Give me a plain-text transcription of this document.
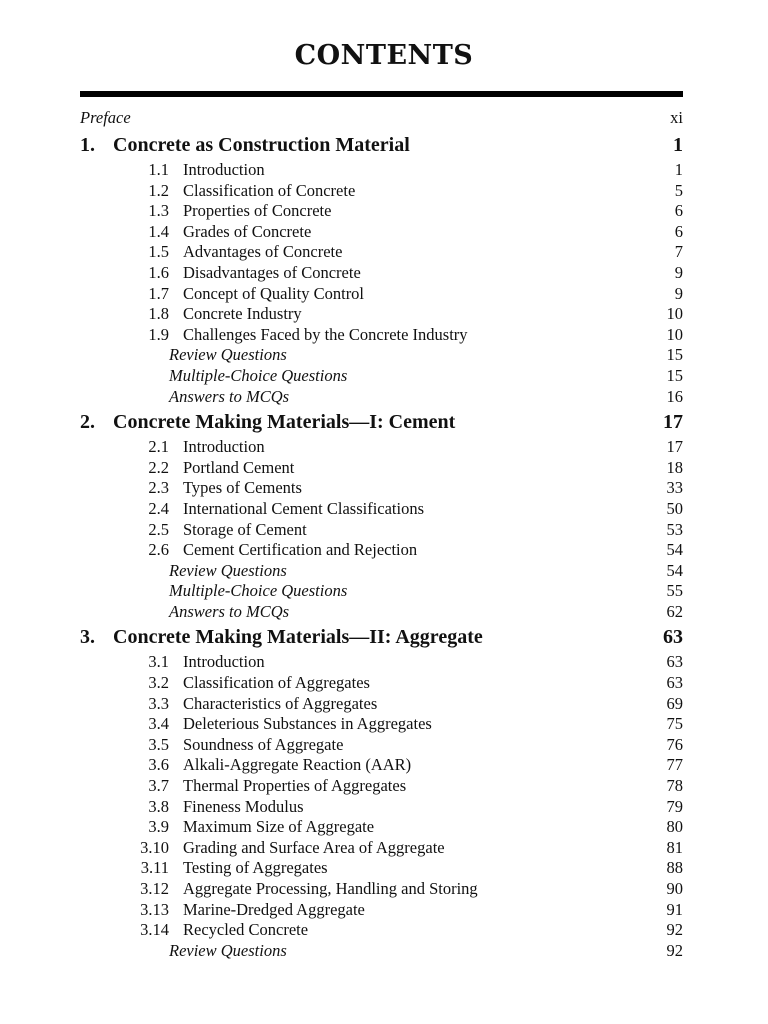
CONTENTS
Preface	xi
1. Concrete as Construction Material	1
1.1 Introduction	1
1.2 Classification of Concrete	5
1.3 Properties of Concrete	6
1.4 Grades of Concrete	6
1.5 Advantages of Concrete	7
1.6 Disadvantages of Concrete	9
1.7 Concept of Quality Control	9
1.8 Concrete Industry	10
1.9 Challenges Faced by the Concrete Industry	10
Review Questions	15
Multiple-Choice Questions	15
Answers to MCQs	16
2. Concrete Making Materials—I: Cement	17
2.1 Introduction	17
2.2 Portland Cement	18
2.3 Types of Cements	33
2.4 International Cement Classifications	50
2.5 Storage of Cement	53
2.6 Cement Certification and Rejection	54
Review Questions	54
Multiple-Choice Questions	55
Answers to MCQs	62
3. Concrete Making Materials—II: Aggregate	63
3.1 Introduction	63
3.2 Classification of Aggregates	63
3.3 Characteristics of Aggregates	69
3.4 Deleterious Substances in Aggregates	75
3.5 Soundness of Aggregate	76
3.6 Alkali-Aggregate Reaction (AAR)	77
3.7 Thermal Properties of Aggregates	78
3.8 Fineness Modulus	79
3.9 Maximum Size of Aggregate	80
3.10 Grading and Surface Area of Aggregate	81
3.11 Testing of Aggregates	88
3.12 Aggregate Processing, Handling and Storing	90
3.13 Marine-Dredged Aggregate	91
3.14 Recycled Concrete	92
Review Questions	92
